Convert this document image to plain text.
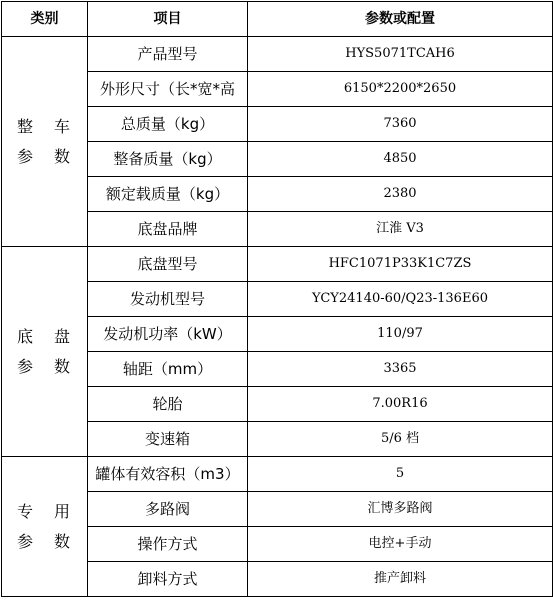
类别	项目	参数或配置
整 车 参 数	产品型号	HYS5071TCAH6
	外形尺寸（长*宽*高	6150*2200*2650
	总质量（kg）	7360
	整备质量（kg）	4850
	额定载质量（kg）	2380
	底盘品牌	江淮 V3
底 盘 参 数	底盘型号	HFC1071P33K1C7ZS
	发动机型号	YCY24140-60/Q23-136E60
	发动机功率（kW）	110/97
	轴距（mm）	3365
	轮胎	7.00R16
	变速箱	5/6 档
专 用 参 数	罐体有效容积（m3）	5
	多路阀	汇博多路阀
	操作方式	电控+手动
	卸料方式	推产卸料
